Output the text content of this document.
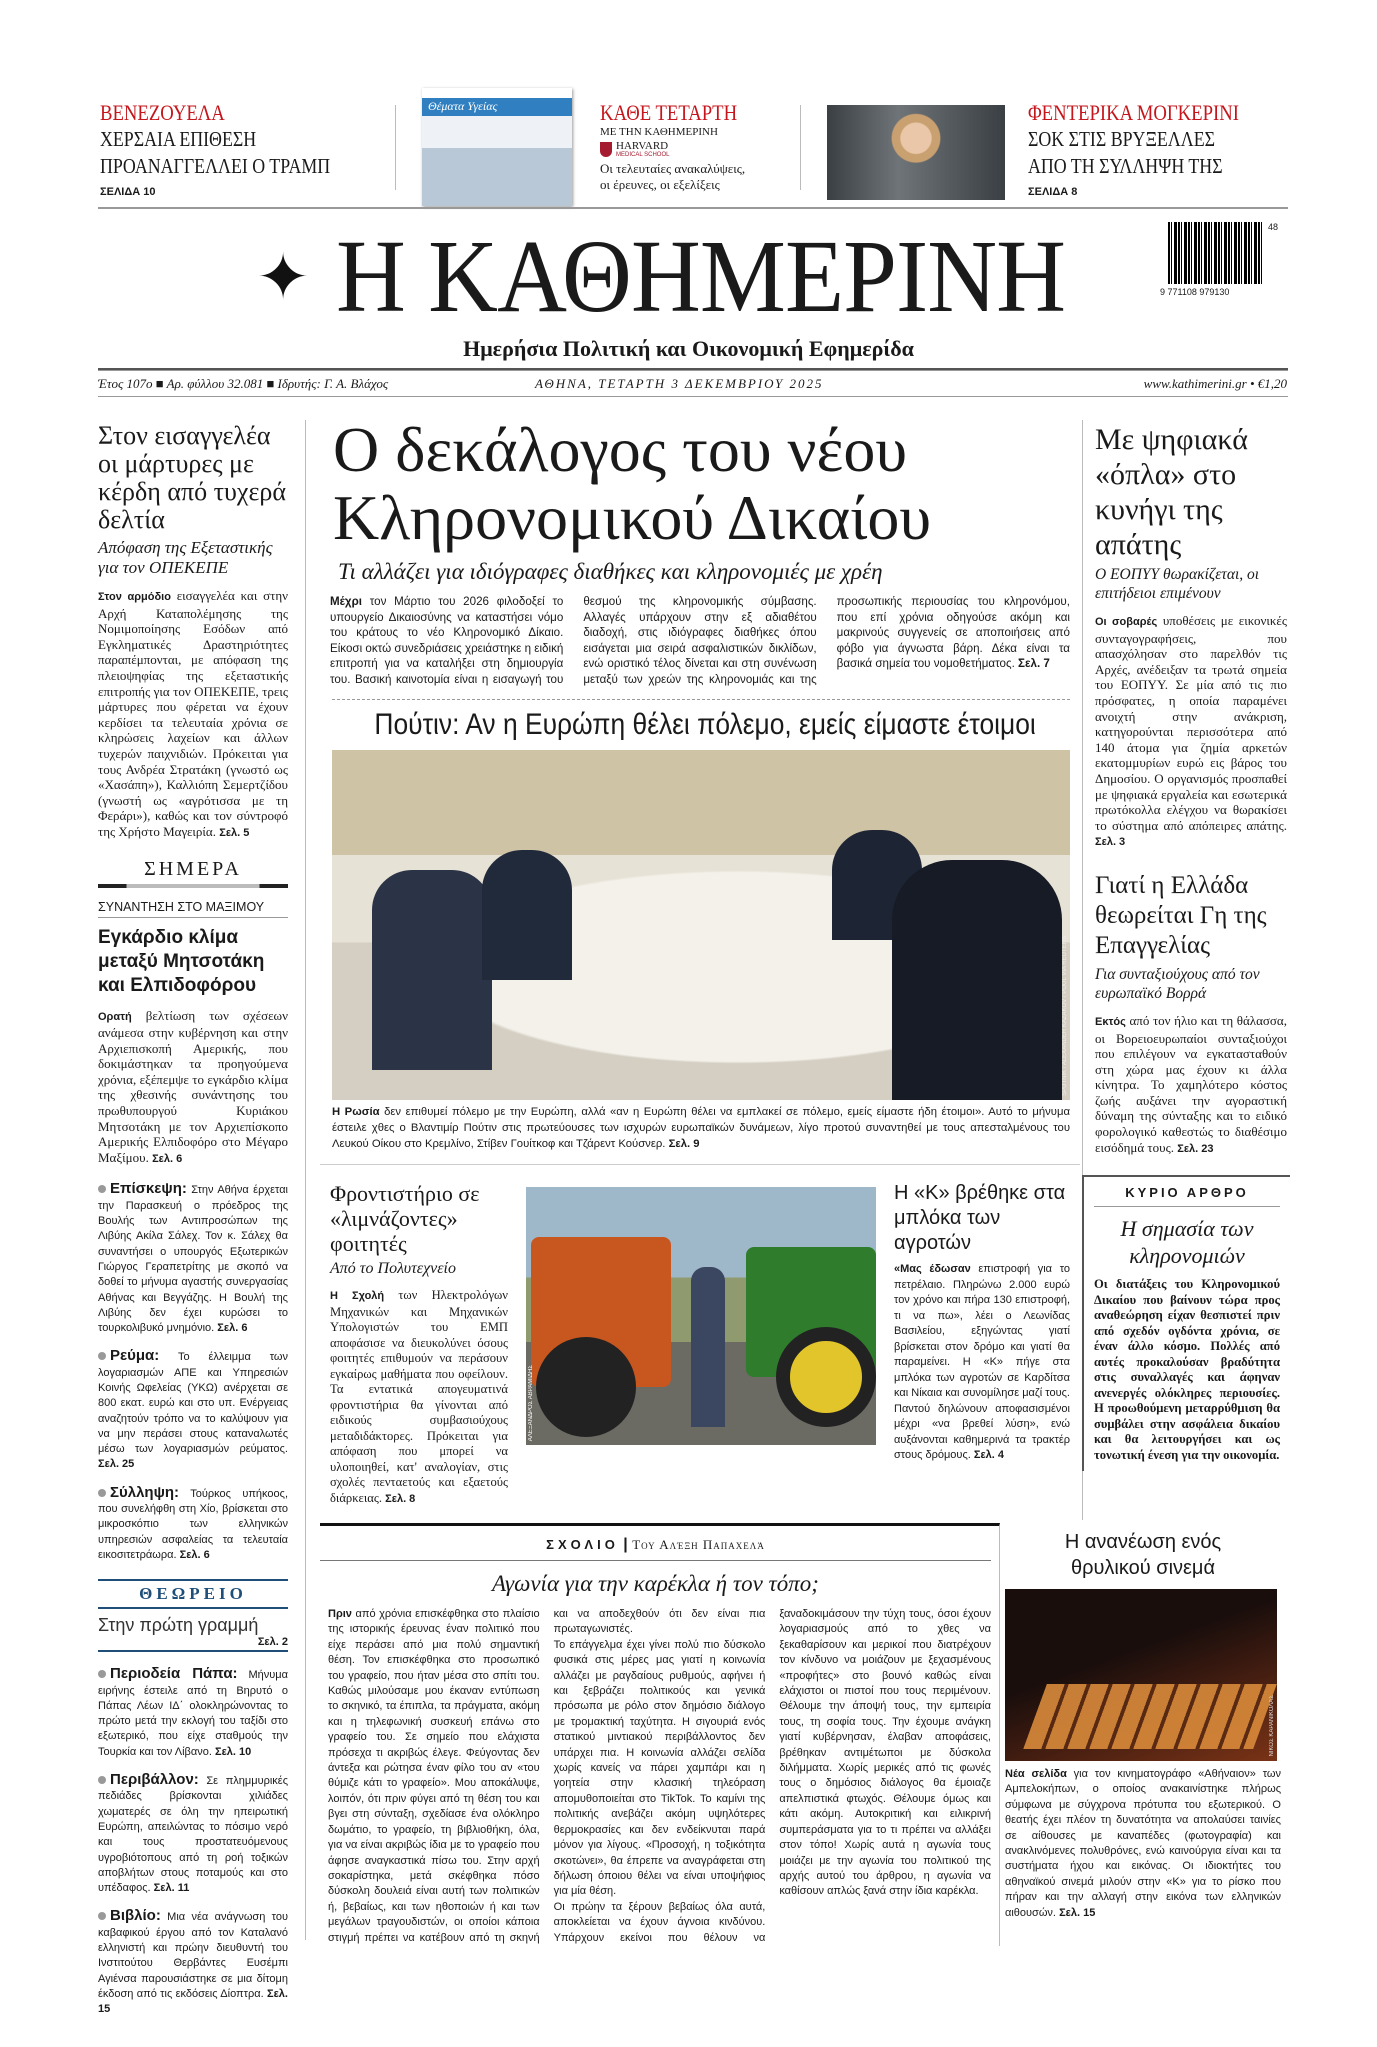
ΒΕΝΕΖΟΥΕΛΑ
ΧΕΡΣΑΙΑ ΕΠΙΘΕΣΗ
ΠΡΟΑΝΑΓΓΕΛΛΕΙ Ο ΤΡΑΜΠ
ΣΕΛΙΔΑ 10
Θέματα Υγείας	ΚΑΘΕ ΤΕΤΑΡΤΗ
ΜΕ ΤΗΝ ΚΑΘΗΜΕΡΙΝΗ
HARVARD
MEDICAL SCHOOL
Οι τελευταίες ανακαλύψεις,
οι έρευνες, οι εξελίξεις
ΦΕΝΤΕΡΙΚΑ ΜΟΓΚΕΡΙΝΙ
ΣΟΚ ΣΤΙΣ ΒΡΥΞΕΛΛΕΣ
ΑΠΟ ΤΗ ΣΥΛΛΗΨΗ ΤΗΣ
ΣΕΛΙΔΑ 8
✦ Η ΚΑΘΗΜΕΡΙΝΗ	48
9 771108 979130
Ημερήσια Πολιτική και Οικονομική Εφημερίδα
Έτος 107ο ■ Αρ. φύλλου 32.081 ■ Ιδρυτής: Γ. Α. Βλάχος	ΑΘΗΝΑ, ΤΕΤΑΡΤΗ 3 ΔΕΚΕΜΒΡΙΟΥ 2025	www.kathimerini.gr • €1,20
Στον εισαγγελέα οι μάρτυρες με κέρδη από τυχερά δελτία
Απόφαση της Εξεταστικής για τον ΟΠΕΚΕΠΕ

Στον αρμόδιο εισαγγελέα και στην Αρχή Καταπολέμησης της Νομιμοποίησης Εσόδων από Εγκληματικές Δραστηριότητες παραπέμπονται, με απόφαση της πλειοψηφίας της εξεταστικής επιτροπής για τον ΟΠΕΚΕΠΕ, τρεις μάρτυρες που φέρεται να έχουν κερδίσει τα τελευταία χρόνια σε κληρώσεις λαχείων και άλλων τυχερών παιχνιδιών. Πρόκειται για τους Ανδρέα Στρατάκη (γνωστό ως «Χασάπη»), Καλλιόπη Σεμερτζίδου (γνωστή ως «αγρότισσα με τη Φεράρι»), καθώς και τον σύντροφό της Χρήστο Μαγειρία. Σελ. 5

ΣΗΜΕΡΑ
ΣΥΝΑΝΤΗΣΗ ΣΤΟ ΜΑΞΙΜΟΥ
Εγκάρδιο κλίμα μεταξύ Μητσοτάκη και Ελπιδοφόρου

Ορατή βελτίωση των σχέσεων ανάμεσα στην κυβέρνηση και στην Αρχιεπισκοπή Αμερικής, που δοκιμάστηκαν τα προηγούμενα χρόνια, εξέπεμψε το εγκάρδιο κλίμα της χθεσινής συνάντησης του πρωθυπουργού Κυριάκου Μητσοτάκη με τον Αρχιεπίσκοπο Αμερικής Ελπιδοφόρο στο Μέγαρο Μαξίμου. Σελ. 6

Επίσκεψη: Στην Αθήνα έρχεται την Παρασκευή ο πρόεδρος της Βουλής των Αντιπροσώπων της Λιβύης Ακίλα Σάλεχ. Τον κ. Σάλεχ θα συναντήσει ο υπουργός Εξωτερικών Γιώργος Γεραπετρίτης με σκοπό να δοθεί το μήνυμα αγαστής συνεργασίας Αθήνας και Βεγγάζης. Η Βουλή της Λιβύης δεν έχει κυρώσει το τουρκολιβυκό μνημόνιο. Σελ. 6

Ρεύμα: Το έλλειμμα των λογαριασμών ΑΠΕ και Υπηρεσιών Κοινής Ωφελείας (ΥΚΩ) ανέρχεται σε 800 εκατ. ευρώ και στο υπ. Ενέργειας αναζητούν τρόπο να το καλύψουν για να μην περάσει στους καταναλωτές μέσω των λογαριασμών ρεύματος. Σελ. 25

Σύλληψη: Τούρκος υπήκοος, που συνελήφθη στη Χίο, βρίσκεται στο μικροσκόπιο των ελληνικών υπηρεσιών ασφαλείας τα τελευταία εικοσιτετράωρα. Σελ. 6

ΘΕΩΡΕΙΟ
Στην πρώτη γραμμή
Σελ. 2

Περιοδεία Πάπα: Μήνυμα ειρήνης έστειλε από τη Βηρυτό ο Πάπας Λέων ΙΔ΄ ολοκληρώνοντας το πρώτο μετά την εκλογή του ταξίδι στο εξωτερικό, που είχε σταθμούς την Τουρκία και τον Λίβανο. Σελ. 10

Περιβάλλον: Σε πλημμυρικές πεδιάδες βρίσκονται χιλιάδες χωματερές σε όλη την ηπειρωτική Ευρώπη, απειλώντας το πόσιμο νερό και τους προστατευόμενους υγροβιότοπους από τη ροή τοξικών αποβλήτων στους ποταμούς και στο υπέδαφος. Σελ. 11

Βιβλίο: Μια νέα ανάγνωση του καβαφικού έργου από τον Καταλανό ελληνιστή και πρώην διευθυντή του Ινστιτούτου Θερβάντες Ευσέμπι Αγιένσα παρουσιάστηκε σε μια δίτομη έκδοση από τις εκδόσεις Δίοπτρα. Σελ. 15

Ο δεκάλογος του νέου Κληρονομικού Δικαίου
Τι αλλάζει για ιδιόγραφες διαθήκες και κληρονομιές με χρέη

Μέχρι τον Μάρτιο του 2026 φιλοδοξεί το υπουργείο Δικαιοσύνης να καταστήσει νόμο του κράτους το νέο Κληρονομικό Δίκαιο. Είκοσι οκτώ συνεδριάσεις χρειάστηκε η ειδική επιτροπή για να καταλήξει στη δημιουργία του. Βασική καινοτομία είναι η εισαγωγή του θεσμού της κληρονομικής σύμβασης. Αλλαγές υπάρχουν στην εξ αδιαθέτου διαδοχή, στις ιδιόγραφες διαθήκες όπου εισάγεται μια σειρά ασφαλιστικών δικλίδων, ενώ οριστικό τέλος δίνεται και στη συνένωση μεταξύ των χρεών της κληρονομιάς και της προσωπικής περιουσίας του κληρονόμου, που επί χρόνια οδηγούσε ακόμη και μακρινούς συγγενείς σε αποποιήσεις από φόβο για άγνωστα βάρη. Δέκα είναι τα βασικά σημεία του νομοθετήματος. Σελ. 7

Πούτιν: Αν η Ευρώπη θέλει πόλεμο, εμείς είμαστε έτοιμοι
SPUTNIK / ALEXANDER KAZAKOV / POOL VIA REUTERS

Η Ρωσία δεν επιθυμεί πόλεμο με την Ευρώπη, αλλά «αν η Ευρώπη θέλει να εμπλακεί σε πόλεμο, εμείς είμαστε ήδη έτοιμοι». Αυτό το μήνυμα έστειλε χθες ο Βλαντιμίρ Πούτιν στις πρωτεύουσες των ισχυρών ευρωπαϊκών δυνάμεων, λίγο προτού συναντηθεί με τους απεσταλμένους του Λευκού Οίκου στο Κρεμλίνο, Στίβεν Γουίτκοφ και Τζάρεντ Κούσνερ. Σελ. 9

Φροντιστήριο σε «λιμνάζοντες» φοιτητές
Από το Πολυτεχνείο

Η Σχολή των Ηλεκτρολόγων Μηχανικών και Μηχανικών Υπολογιστών του ΕΜΠ αποφάσισε να διευκολύνει όσους φοιτητές επιθυμούν να περάσουν εγκαίρως μαθήματα που οφείλουν. Τα εντατικά απογευματινά φροντιστήρια θα γίνονται από ειδικούς συμβασιούχους μεταδιδάκτορες. Πρόκειται για απόφαση που μπορεί να υλοποιηθεί, κατ' αναλογίαν, στις σχολές πενταετούς και εξαετούς διάρκειας. Σελ. 8

ΑΛΕΞΑΝΔΡΟΣ ΑΒΡΑΜΙΔΗΣ
Η «Κ» βρέθηκε στα μπλόκα των αγροτών

«Μας έδωσαν επιστροφή για το πετρέλαιο. Πληρώνω 2.000 ευρώ τον χρόνο και πήρα 130 επιστροφή, τι να πω», λέει ο Λεωνίδας Βασιλείου, εξηγώντας γιατί βρίσκεται στον δρόμο και γιατί θα παραμείνει. Η «Κ» πήγε στα μπλόκα των αγροτών σε Καρδίτσα και Νίκαια και συνομίλησε μαζί τους. Παντού δηλώνουν αποφασισμένοι μέχρι «να βρεθεί λύση», ενώ αυξάνονται καθημερινά τα τρακτέρ στους δρόμους. Σελ. 4

ΣΧΟΛΙΟ | Του Αλέξη Παπαχελά
Αγωνία για την καρέκλα ή τον τόπο;

Πριν από χρόνια επισκέφθηκα στο πλαίσιο της ιστορικής έρευνας έναν πολιτικό που είχε περάσει από μια πολύ σημαντική θέση. Τον επισκέφθηκα στο προσωπικό του γραφείο, που ήταν μέσα στο σπίτι του. Καθώς μιλούσαμε μου έκαναν εντύπωση το σκηνικό, τα έπιπλα, τα πράγματα, ακόμη και η τηλεφωνική συσκευή επάνω στο γραφείο του. Σε σημείο που ελάχιστα πρόσεχα τι ακριβώς έλεγε. Φεύγοντας δεν άντεξα και ρώτησα έναν φίλο του αν «του θύμιζε κάτι το γραφείο». Μου αποκάλυψε, λοιπόν, ότι πριν φύγει από τη θέση του και βγει στη σύνταξη, σχεδίασε ένα ολόκληρο δωμάτιο, το γραφείο, τη βιβλιοθήκη, όλα, για να είναι ακριβώς ίδια με το γραφείο που άφησε αναγκαστικά πίσω του. Στην αρχή σοκαρίστηκα, μετά σκέφθηκα πόσο δύσκολη δουλειά είναι αυτή των πολιτικών ή, βεβαίως, και των ηθοποιών ή και των μεγάλων τραγουδιστών, οι οποίοι κάποια στιγμή πρέπει να κατέβουν από τη σκηνή και να αποδεχθούν ότι δεν είναι πια πρωταγωνιστές.

Το επάγγελμα έχει γίνει πολύ πιο δύσκολο φυσικά στις μέρες μας γιατί η κοινωνία αλλάζει με ραγδαίους ρυθμούς, αφήνει ή και ξεβράζει πολιτικούς και γενικά πρόσωπα με ρόλο στον δημόσιο διάλογο με τρομακτική ταχύτητα. Η σιγουριά ενός στατικού μιντιακού περιβάλλοντος δεν υπάρχει πια. Η κοινωνία αλλάζει σελίδα χωρίς κανείς να πάρει χαμπάρι και η γοητεία στην κλασική τηλεόραση απομυθοποιείται στο TikTok. Το καμίνι της πολιτικής ανεβάζει ακόμη υψηλότερες θερμοκρασίες και δεν ενδείκνυται παρά μόνον για λίγους. «Προσοχή, η τοξικότητα σκοτώνει», θα έπρεπε να αναγράφεται στη δήλωση όποιου θέλει να είναι υποψήφιος για μία θέση.

Οι πρώην τα ξέρουν βεβαίως όλα αυτά, αποκλείεται να έχουν άγνοια κινδύνου. Υπάρχουν εκείνοι που θέλουν να ξαναδοκιμάσουν την τύχη τους, όσοι έχουν λογαριασμούς από το χθες να ξεκαθαρίσουν και μερικοί που διατρέχουν τον κίνδυνο να μοιάζουν με ξεχασμένους «προφήτες» στο βουνό καθώς είναι ελάχιστοι οι πιστοί που τους περιμένουν. Θέλουμε την άποψή τους, την εμπειρία τους, τη σοφία τους. Την έχουμε ανάγκη γιατί κυβέρνησαν, έλαβαν αποφάσεις, βρέθηκαν αντιμέτωποι με δύσκολα διλήμματα. Χωρίς μερικές από τις φωνές τους ο δημόσιος διάλογος θα έμοιαζε απελπιστικά φτωχός. Θέλουμε όμως και κάτι ακόμη. Αυτοκριτική και ειλικρινή συμπεράσματα για το τι πρέπει να αλλάξει στον τόπο! Χωρίς αυτά η αγωνία τους μοιάζει με την αγωνία του πολιτικού της αρχής αυτού του άρθρου, η αγωνία να καθίσουν απλώς ξανά στην ίδια καρέκλα.

Με ψηφιακά «όπλα» στο κυνήγι της απάτης
Ο ΕΟΠΥΥ θωρακίζεται, οι επιτήδειοι επιμένουν

Οι σοβαρές υποθέσεις με εικονικές συνταγογραφήσεις, που απασχόλησαν στο παρελθόν τις Αρχές, ανέδειξαν τα τρωτά σημεία του ΕΟΠΥΥ. Σε μία από τις πιο πρόσφατες, η οποία παραμένει ανοιχτή στην ανάκριση, κατηγορούνται περισσότερα από 140 άτομα για ζημία αρκετών εκατομμυρίων ευρώ εις βάρος του Δημοσίου. Ο οργανισμός προσπαθεί με ψηφιακά εργαλεία και εσωτερικά πρωτόκολλα ελέγχου να θωρακίσει το σύστημα από απόπειρες απάτης. Σελ. 3

Γιατί η Ελλάδα θεωρείται Γη της Επαγγελίας
Για συνταξιούχους από τον ευρωπαϊκό Βορρά

Εκτός από τον ήλιο και τη θάλασσα, οι Βορειοευρωπαίοι συνταξιούχοι που επιλέγουν να εγκατασταθούν στη χώρα μας έχουν κι άλλα κίνητρα. Το χαμηλότερο κόστος ζωής αυξάνει την αγοραστική δύναμη της σύνταξης και το ειδικό φορολογικό καθεστώς το διαθέσιμο εισόδημά τους. Σελ. 23

ΚΥΡΙΟ ΑΡΘΡΟ
Η σημασία των κληρονομιών

Οι διατάξεις του Κληρονομικού Δικαίου που βαίνουν τώρα προς αναθεώρηση είχαν θεσπιστεί πριν από σχεδόν ογδόντα χρόνια, σε έναν άλλο κόσμο. Πολλές από αυτές προκαλούσαν βραδύτητα στις συναλλαγές και άφηναν ανενεργές ολόκληρες περιουσίες. Η προωθούμενη μεταρρύθμιση θα συμβάλει στην ασφάλεια δικαίου και θα λειτουργήσει και ως τονωτική ένεση για την οικονομία.

Η ανανέωση ενός θρυλικού σινεμά
ΝΙΚΟΣ ΚΑΡΑΝΙΚΟΛΑΣ

Νέα σελίδα για τον κινηματογράφο «Αθήναιον» των Αμπελοκήπων, ο οποίος ανακαινίστηκε πλήρως σύμφωνα με σύγχρονα πρότυπα του εξωτερικού. Ο θεατής έχει πλέον τη δυνατότητα να απολαύσει ταινίες σε αίθουσες με καναπέδες (φωτογραφία) και ανακλινόμενες πολυθρόνες, ενώ καινούργια είναι και τα συστήματα ήχου και εικόνας. Οι ιδιοκτήτες του αθηναϊκού σινεμά μιλούν στην «Κ» για το ρίσκο που πήραν και την αλλαγή στην εικόνα των ελληνικών αιθουσών. Σελ. 15
